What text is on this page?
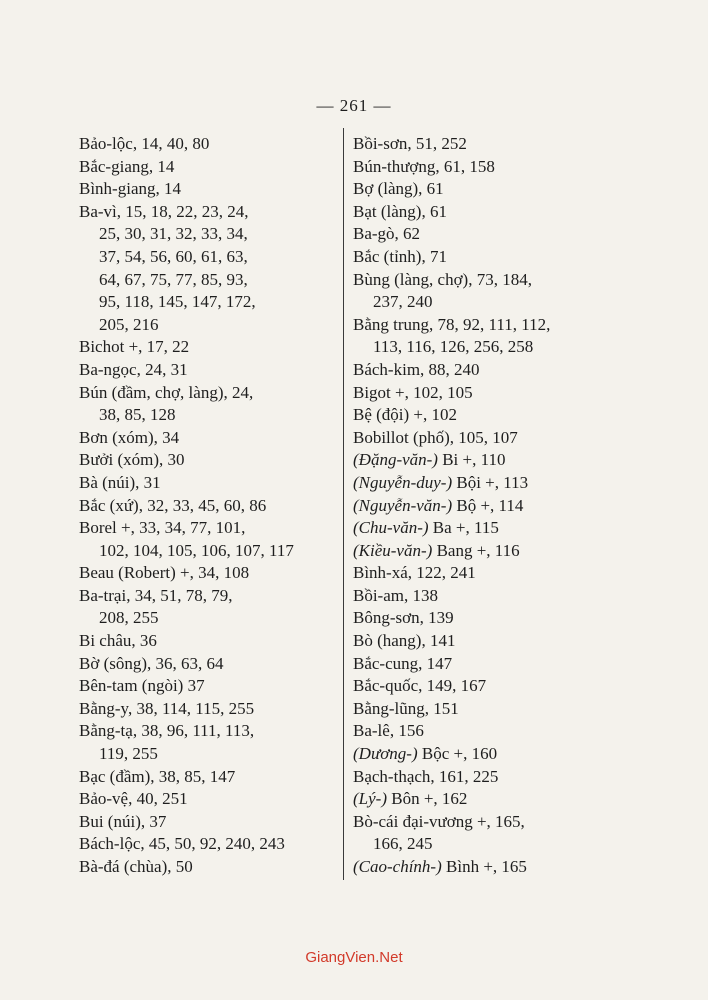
— 261 —
Bảo-lộc, 14, 40, 80
Bắc-giang, 14
Bình-giang, 14
Ba-vì, 15, 18, 22, 23, 24,
25, 30, 31, 32, 33, 34,
37, 54, 56, 60, 61, 63,
64, 67, 75, 77, 85, 93,
95, 118, 145, 147, 172,
205, 216
Bichot +, 17, 22
Ba-ngọc, 24, 31
Bún (đầm, chợ, làng), 24,
38, 85, 128
Bơn (xóm), 34
Bưởi (xóm), 30
Bà (núi), 31
Bắc (xứ), 32, 33, 45, 60, 86
Borel +, 33, 34, 77, 101,
102, 104, 105, 106, 107, 117
Beau (Robert) +, 34, 108
Ba-trại, 34, 51, 78, 79,
208, 255
Bi châu, 36
Bờ (sông), 36, 63, 64
Bên-tam (ngòi) 37
Bằng-y, 38, 114, 115, 255
Bằng-tạ, 38, 96, 111, 113,
119, 255
Bạc (đầm), 38, 85, 147
Bảo-vệ, 40, 251
Bui (núi), 37
Bách-lộc, 45, 50, 92, 240, 243
Bà-đá (chùa), 50
Bồi-sơn, 51, 252
Bún-thượng, 61, 158
Bợ (làng), 61
Bạt (làng), 61
Ba-gò, 62
Bắc (tỉnh), 71
Bùng (làng, chợ), 73, 184,
237, 240
Bằng trung, 78, 92, 111, 112,
113, 116, 126, 256, 258
Bách-kim, 88, 240
Bigot +, 102, 105
Bệ (đội) +, 102
Bobillot (phố), 105, 107
(Đặng-văn-) Bi +, 110
(Nguyễn-duy-) Bội +, 113
(Nguyễn-văn-) Bộ +, 114
(Chu-văn-) Ba +, 115
(Kiều-văn-) Bang +, 116
Bình-xá, 122, 241
Bồi-am, 138
Bông-sơn, 139
Bò (hang), 141
Bắc-cung, 147
Bắc-quốc, 149, 167
Bằng-lũng, 151
Ba-lê, 156
(Dương-) Bộc +, 160
Bạch-thạch, 161, 225
(Lý-) Bôn +, 162
Bò-cái đại-vương +, 165,
166, 245
(Cao-chính-) Bình +, 165
GiangVien.Net
